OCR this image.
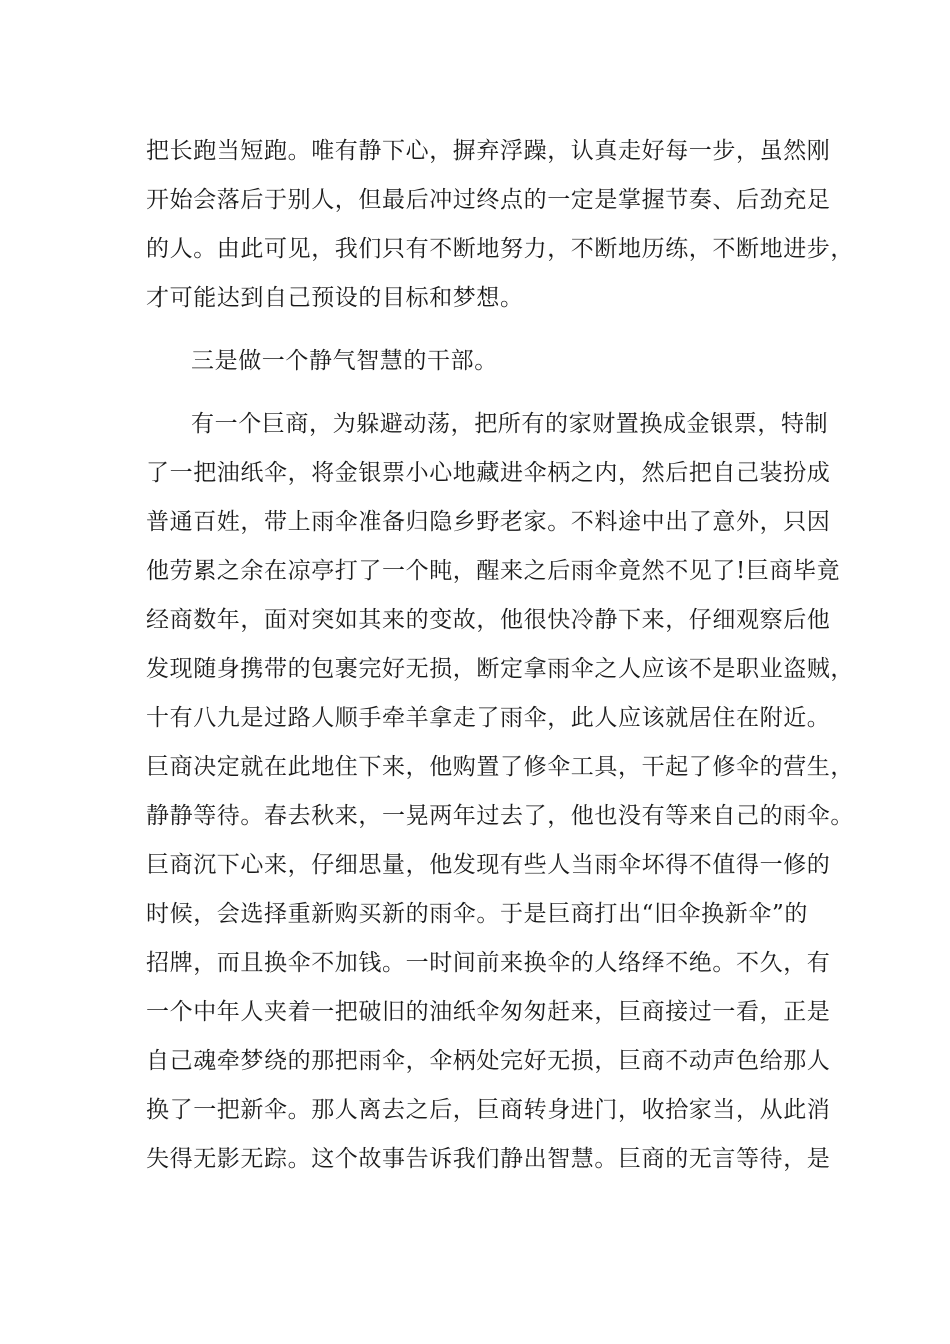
把长跑当短跑。唯有静下心，摒弃浮躁，认真走好每一步，虽然刚
开始会落后于别人，但最后冲过终点的一定是掌握节奏、后劲充足
的人。由此可见，我们只有不断地努力，不断地历练，不断地进步，
才可能达到自己预设的目标和梦想。
三是做一个静气智慧的干部。
有一个巨商，为躲避动荡，把所有的家财置换成金银票，特制
了一把油纸伞，将金银票小心地藏进伞柄之内，然后把自己装扮成
普通百姓，带上雨伞准备归隐乡野老家。不料途中出了意外，只因
他劳累之余在凉亭打了一个盹，醒来之后雨伞竟然不见了!巨商毕竟
经商数年，面对突如其来的变故，他很快冷静下来，仔细观察后他
发现随身携带的包裹完好无损，断定拿雨伞之人应该不是职业盗贼，
十有八九是过路人顺手牵羊拿走了雨伞，此人应该就居住在附近。
巨商决定就在此地住下来，他购置了修伞工具，干起了修伞的营生，
静静等待。春去秋来，一晃两年过去了，他也没有等来自己的雨伞。
巨商沉下心来，仔细思量，他发现有些人当雨伞坏得不值得一修的
时候，会选择重新购买新的雨伞。于是巨商打出“旧伞换新伞”的
招牌，而且换伞不加钱。一时间前来换伞的人络绎不绝。不久，有
一个中年人夹着一把破旧的油纸伞匆匆赶来，巨商接过一看，正是
自己魂牵梦绕的那把雨伞，伞柄处完好无损，巨商不动声色给那人
换了一把新伞。那人离去之后，巨商转身进门，收拾家当，从此消
失得无影无踪。这个故事告诉我们静出智慧。巨商的无言等待，是
